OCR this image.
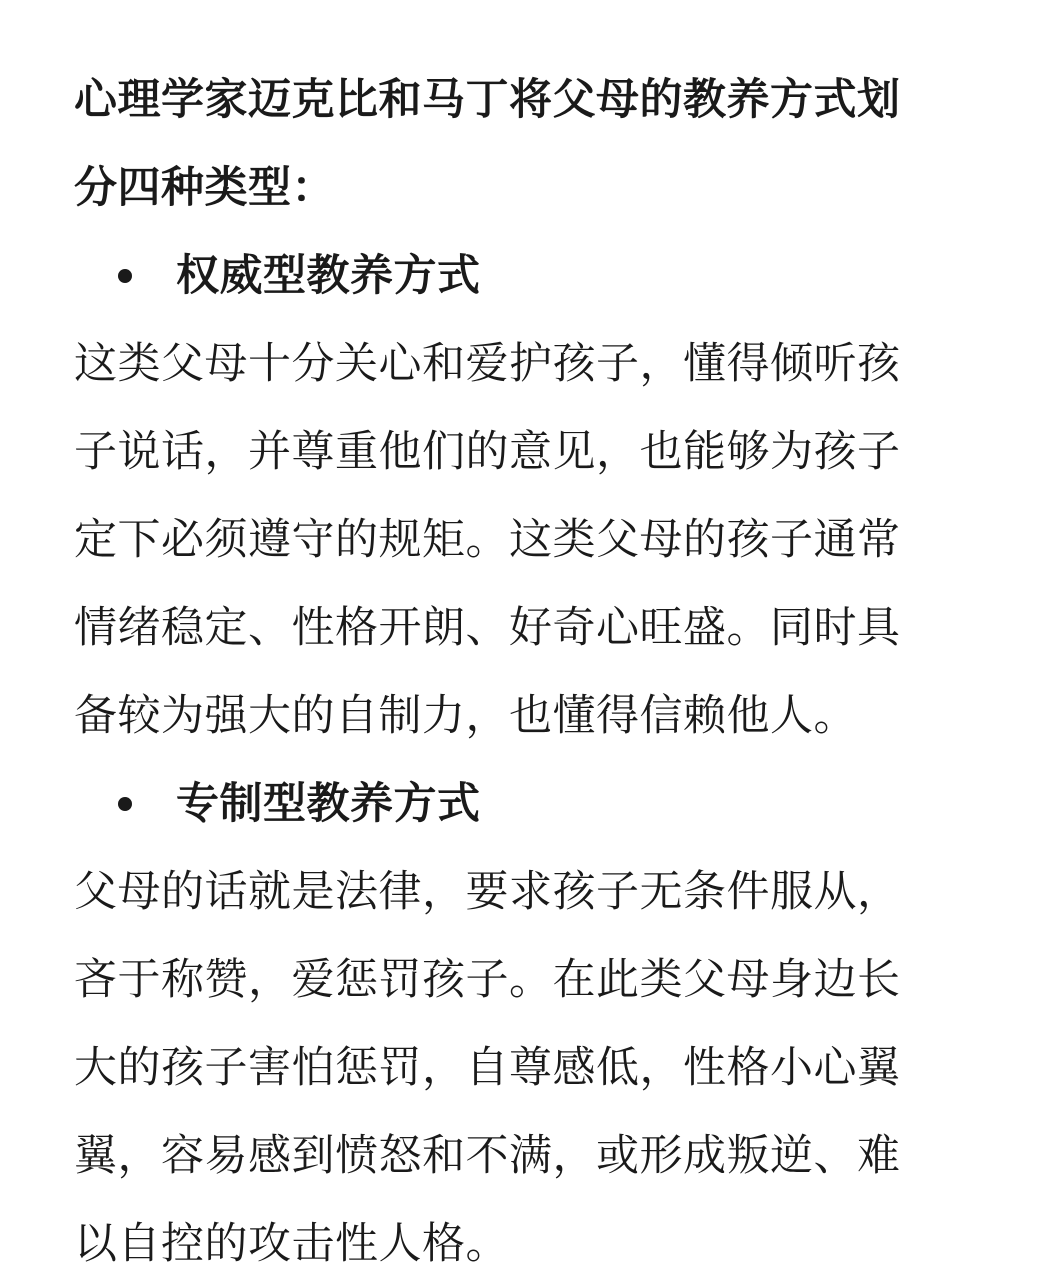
心理学家迈克比和马丁将父母的教养方式划
分四种类型：
权威型教养方式
这类父母十分关心和爱护孩子，懂得倾听孩
子说话，并尊重他们的意见，也能够为孩子
定下必须遵守的规矩。这类父母的孩子通常
情绪稳定、性格开朗、好奇心旺盛。同时具
备较为强大的自制力，也懂得信赖他人。
专制型教养方式
父母的话就是法律，要求孩子无条件服从，
吝于称赞，爱惩罚孩子。在此类父母身边长
大的孩子害怕惩罚，自尊感低，性格小心翼
翼，容易感到愤怒和不满，或形成叛逆、难
以自控的攻击性人格。
